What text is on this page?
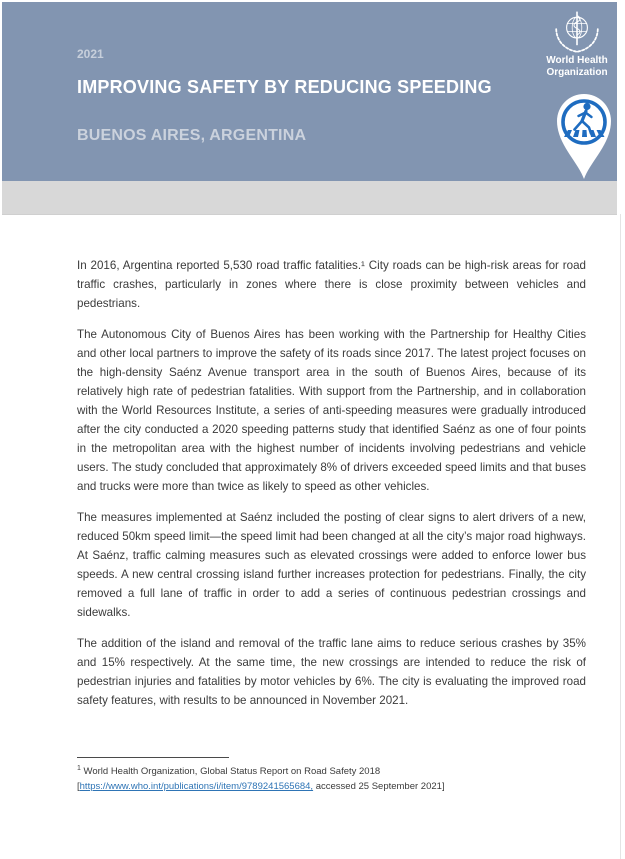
2021
IMPROVING SAFETY BY REDUCING SPEEDING
BUENOS AIRES, ARGENTINA
World Health
Organization

In 2016, Argentina reported 5,530 road traffic fatalities.¹ City roads can be high-risk areas for road traffic crashes, particularly in zones where there is close proximity between vehicles and pedestrians.

The Autonomous City of Buenos Aires has been working with the Partnership for Healthy Cities and other local partners to improve the safety of its roads since 2017. The latest project focuses on the high-density Saénz Avenue transport area in the south of Buenos Aires, because of its relatively high rate of pedestrian fatalities. With support from the Partnership, and in collaboration with the World Resources Institute, a series of anti-speeding measures were gradually introduced after the city conducted a 2020 speeding patterns study that identified Saénz as one of four points in the metropolitan area with the highest number of incidents involving pedestrians and vehicle users. The study concluded that approximately 8% of drivers exceeded speed limits and that buses and trucks were more than twice as likely to speed as other vehicles.

The measures implemented at Saénz included the posting of clear signs to alert drivers of a new, reduced 50km speed limit—the speed limit had been changed at all the city’s major road highways. At Saénz, traffic calming measures such as elevated crossings were added to enforce lower bus speeds. A new central crossing island further increases protection for pedestrians. Finally, the city removed a full lane of traffic in order to add a series of continuous pedestrian crossings and sidewalks.

The addition of the island and removal of the traffic lane aims to reduce serious crashes by 35% and 15% respectively. At the same time, the new crossings are intended to reduce the risk of pedestrian injuries and fatalities by motor vehicles by 6%. The city is evaluating the improved road safety features, with results to be announced in November 2021.

$^1$ World Health Organization, Global Status Report on Road Safety 2018
[https://www.who.int/publications/i/item/9789241565684, accessed 25 September 2021]
